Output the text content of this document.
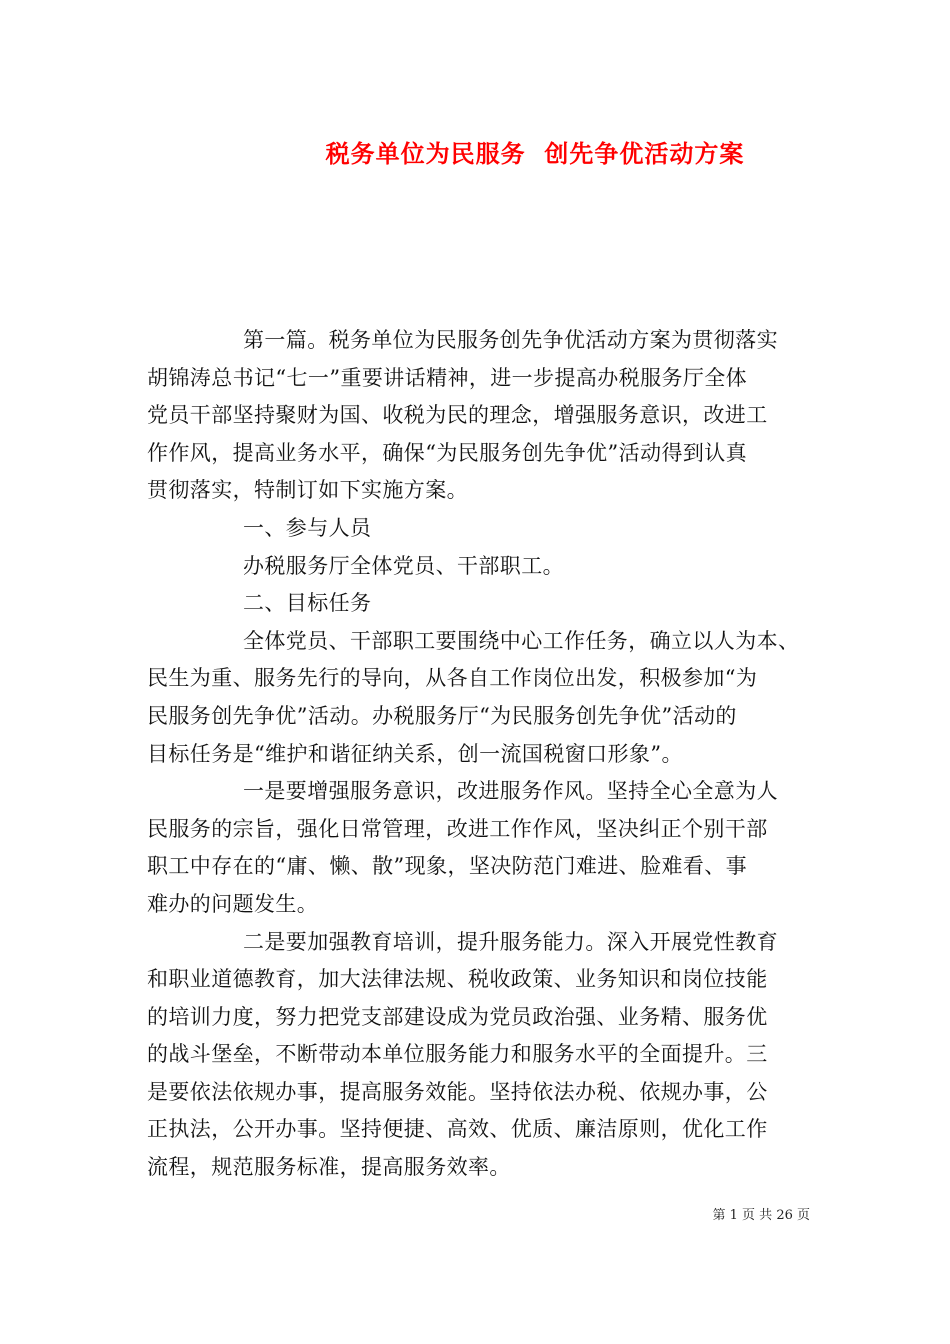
税务单位为民服务  创先争优活动方案
第一篇。税务单位为民服务创先争优活动方案为贯彻落实
胡锦涛总书记“七一”重要讲话精神，进一步提高办税服务厅全体
党员干部坚持聚财为国、收税为民的理念，增强服务意识，改进工
作作风，提高业务水平，确保“为民服务创先争优”活动得到认真
贯彻落实，特制订如下实施方案。
一、参与人员
办税服务厅全体党员、干部职工。
二、目标任务
全体党员、干部职工要围绕中心工作任务，确立以人为本、
民生为重、服务先行的导向，从各自工作岗位出发，积极参加“为
民服务创先争优”活动。办税服务厅“为民服务创先争优”活动的
目标任务是“维护和谐征纳关系，创一流国税窗口形象”。
一是要增强服务意识，改进服务作风。坚持全心全意为人
民服务的宗旨，强化日常管理，改进工作作风，坚决纠正个别干部
职工中存在的“庸、懒、散”现象，坚决防范门难进、脸难看、事
难办的问题发生。
二是要加强教育培训，提升服务能力。深入开展党性教育
和职业道德教育，加大法律法规、税收政策、业务知识和岗位技能
的培训力度，努力把党支部建设成为党员政治强、业务精、服务优
的战斗堡垒，不断带动本单位服务能力和服务水平的全面提升。三
是要依法依规办事，提高服务效能。坚持依法办税、依规办事，公
正执法，公开办事。坚持便捷、高效、优质、廉洁原则，优化工作
流程，规范服务标准，提高服务效率。
第 1 页 共 26 页
